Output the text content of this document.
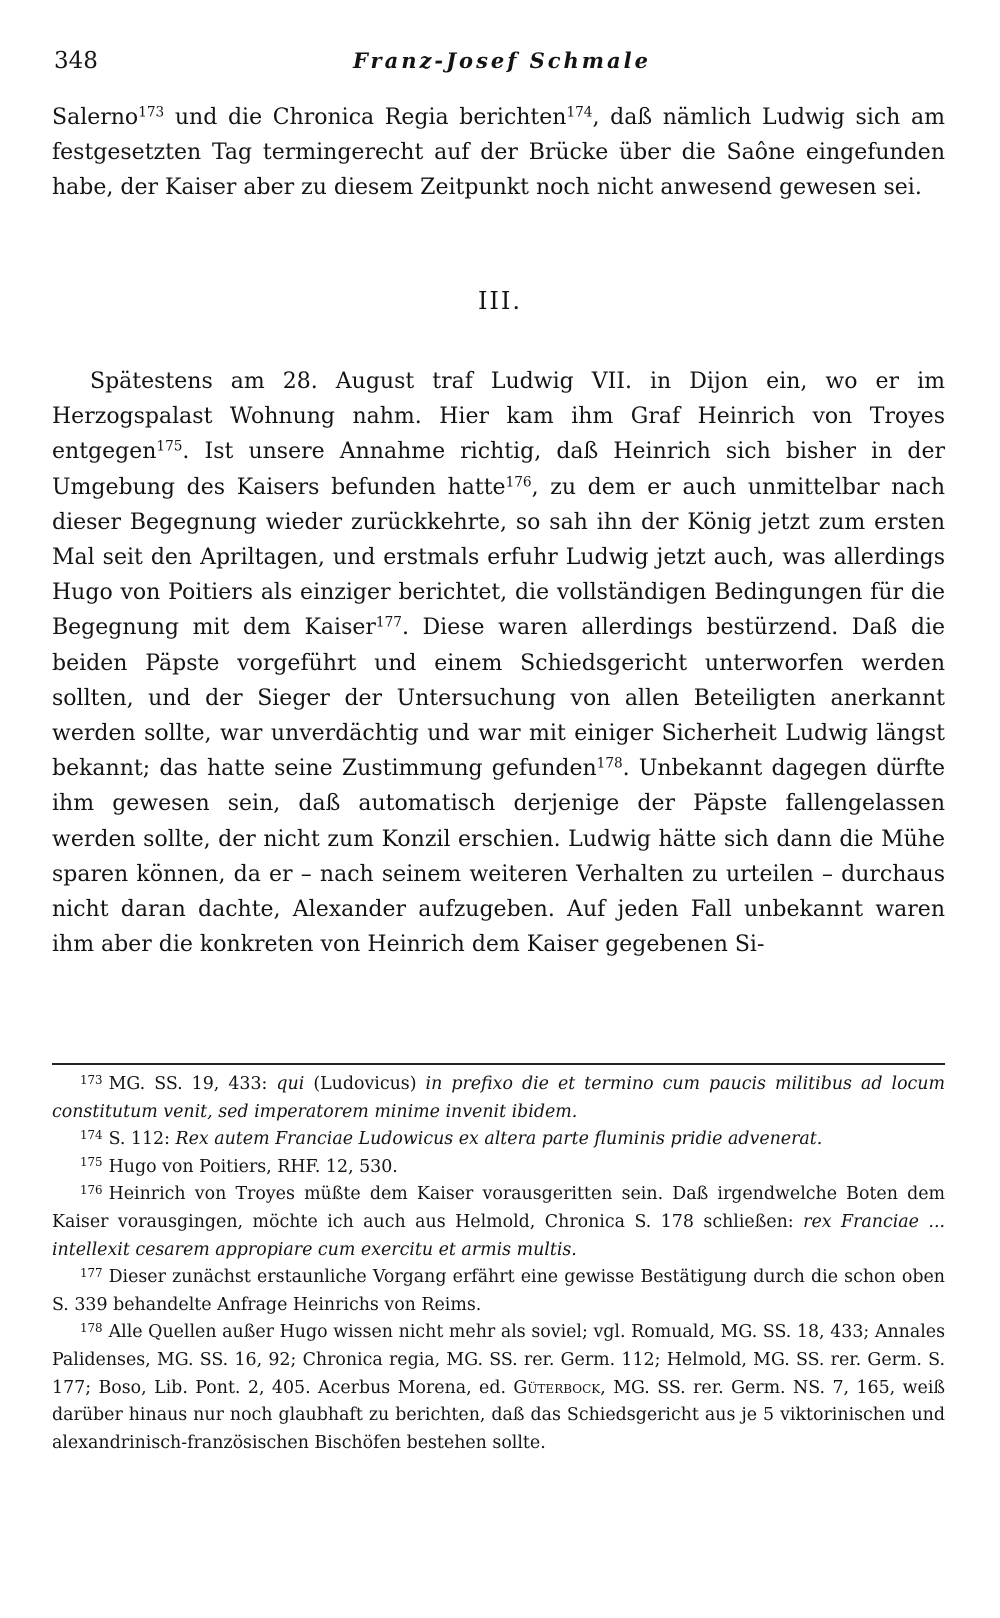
348	Franz-Josef Schmale

Salerno$^{173}$ und die Chronica Regia berichten$^{174}$, daß nämlich Ludwig sich am festgesetzten Tag termingerecht auf der Brücke über die Saône eingefunden habe, der Kaiser aber zu diesem Zeitpunkt noch nicht anwesend gewesen sei.

III.

Spätestens am 28. August traf Ludwig VII. in Dijon ein, wo er im Herzogspalast Wohnung nahm. Hier kam ihm Graf Heinrich von Troyes entgegen$^{175}$. Ist unsere Annahme richtig, daß Heinrich sich bisher in der Umgebung des Kaisers befunden hatte$^{176}$, zu dem er auch unmittelbar nach dieser Begegnung wieder zurückkehrte, so sah ihn der König jetzt zum ersten Mal seit den Apriltagen, und erstmals erfuhr Ludwig jetzt auch, was allerdings Hugo von Poitiers als einziger berichtet, die vollständigen Bedingungen für die Begegnung mit dem Kaiser$^{177}$. Diese waren allerdings bestürzend. Daß die beiden Päpste vorgeführt und einem Schiedsgericht unterworfen werden sollten, und der Sieger der Untersuchung von allen Beteiligten anerkannt werden sollte, war unverdächtig und war mit einiger Sicherheit Ludwig längst bekannt; das hatte seine Zustimmung gefunden$^{178}$. Unbekannt dagegen dürfte ihm gewesen sein, daß automatisch derjenige der Päpste fallengelassen werden sollte, der nicht zum Konzil erschien. Ludwig hätte sich dann die Mühe sparen können, da er – nach seinem weiteren Verhalten zu urteilen – durchaus nicht daran dachte, Alexander aufzugeben. Auf jeden Fall unbekannt waren ihm aber die konkreten von Heinrich dem Kaiser gegebenen Si-

$^{173}$ MG. SS. 19, 433: qui (Ludovicus) in prefixo die et termino cum paucis militibus ad locum constitutum venit, sed imperatorem minime invenit ibidem.

$^{174}$ S. 112: Rex autem Franciae Ludowicus ex altera parte fluminis pridie advenerat.

$^{175}$ Hugo von Poitiers, RHF. 12, 530.

$^{176}$ Heinrich von Troyes müßte dem Kaiser vorausgeritten sein. Daß irgendwelche Boten dem Kaiser vorausgingen, möchte ich auch aus Helmold, Chronica S. 178 schließen: rex Franciae ... intellexit cesarem appropiare cum exercitu et armis multis.

$^{177}$ Dieser zunächst erstaunliche Vorgang erfährt eine gewisse Bestätigung durch die schon oben S. 339 behandelte Anfrage Heinrichs von Reims.

$^{178}$ Alle Quellen außer Hugo wissen nicht mehr als soviel; vgl. Romuald, MG. SS. 18, 433; Annales Palidenses, MG. SS. 16, 92; Chronica regia, MG. SS. rer. Germ. 112; Helmold, MG. SS. rer. Germ. S. 177; Boso, Lib. Pont. 2, 405. Acerbus Morena, ed. Güterbock, MG. SS. rer. Germ. NS. 7, 165, weiß darüber hinaus nur noch glaubhaft zu berichten, daß das Schiedsgericht aus je 5 viktorinischen und alexandrinisch-französischen Bischöfen bestehen sollte.
